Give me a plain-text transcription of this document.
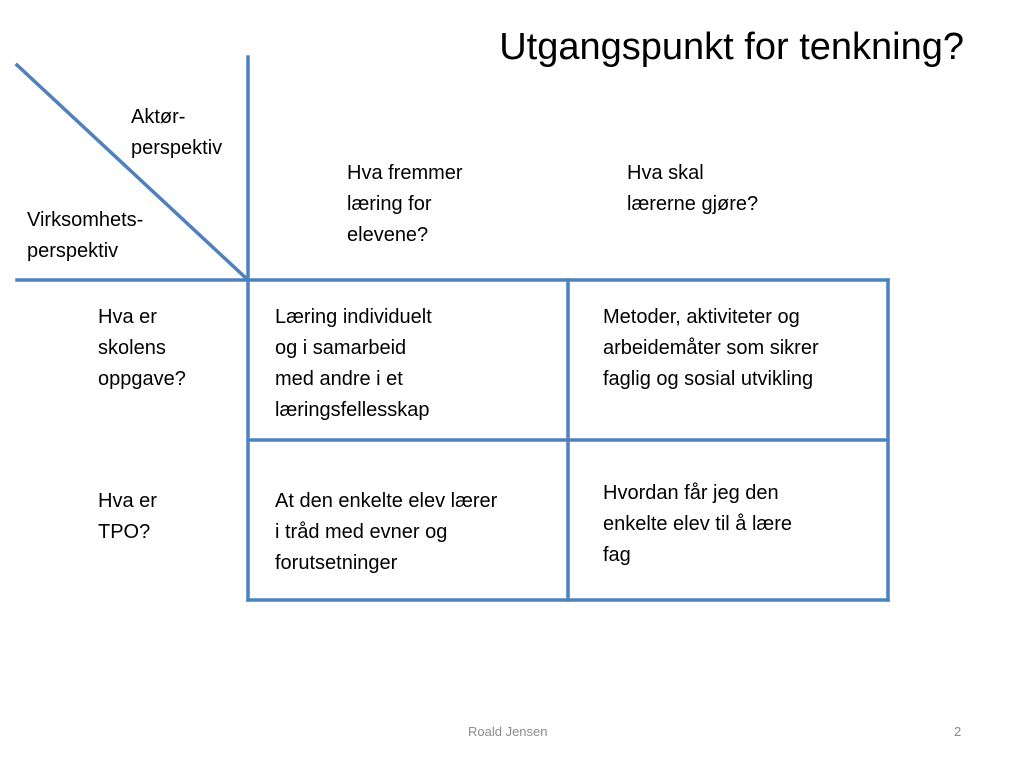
Utgangspunkt for tenkning?
Aktør-
perspektiv
Virksomhets-
perspektiv
Hva fremmer
læring for
elevene?
Hva skal
lærerne gjøre?
Hva er
skolens
oppgave?
Hva er
TPO?
Læring individuelt
og i samarbeid
med andre i et
læringsfellesskap
Metoder, aktiviteter og
arbeidemåter som sikrer
faglig og sosial utvikling
At den enkelte elev lærer
i tråd med evner og
forutsetninger
Hvordan får jeg den
enkelte elev til å lære
fag
Roald Jensen	2
